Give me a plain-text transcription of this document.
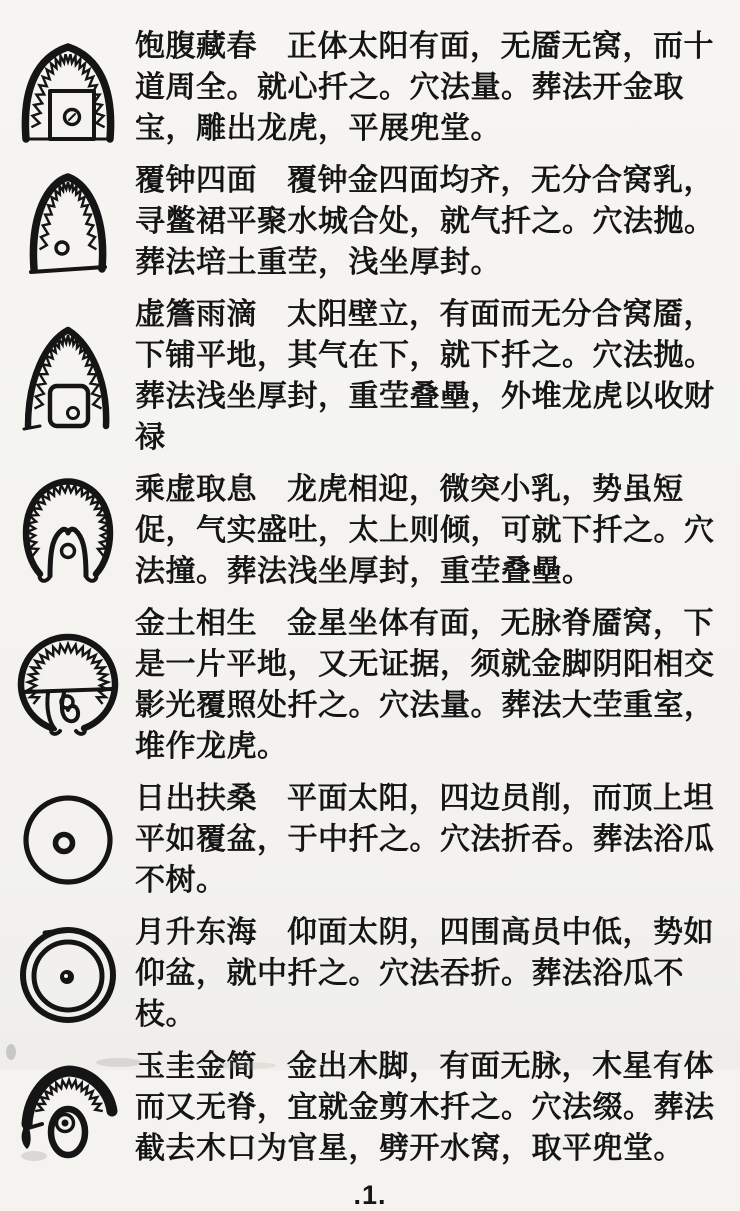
饱腹藏春 正体太阳有面，无靥无窝，而十道周全。就心扦之。穴法量。葬法开金取宝，雕出龙虎，平展兜堂。
覆钟四面 覆钟金四面均齐，无分合窝乳，寻鳖裙平聚水城合处，就气扦之。穴法抛。葬法培土重茔，浅坐厚封。
虚簷雨滴 太阳壁立，有面而无分合窝靥，下铺平地，其气在下，就下扦之。穴法抛。葬法浅坐厚封，重茔叠壘，外堆龙虎以收财禄
乘虚取息 龙虎相迎，微突小乳，势虽短促，气实盛吐，太上则倾，可就下扦之。穴法撞。葬法浅坐厚封，重茔叠壘。
金土相生 金星坐体有面，无脉脊靥窝，下是一片平地，又无证据，须就金脚阴阳相交影光覆照处扦之。穴法量。葬法大茔重室，堆作龙虎。
日出扶桑 平面太阳，四边员削，而顶上坦平如覆盆，于中扦之。穴法折吞。葬法浴瓜不树。
月升东海 仰面太阴，四围高员中低，势如仰盆，就中扦之。穴法吞折。葬法浴瓜不枝。
玉圭金简 金出木脚，有面无脉，木星有体而又无脊，宜就金剪木扦之。穴法缀。葬法截去木口为官星，劈开水窝，取平兜堂。
.1.
